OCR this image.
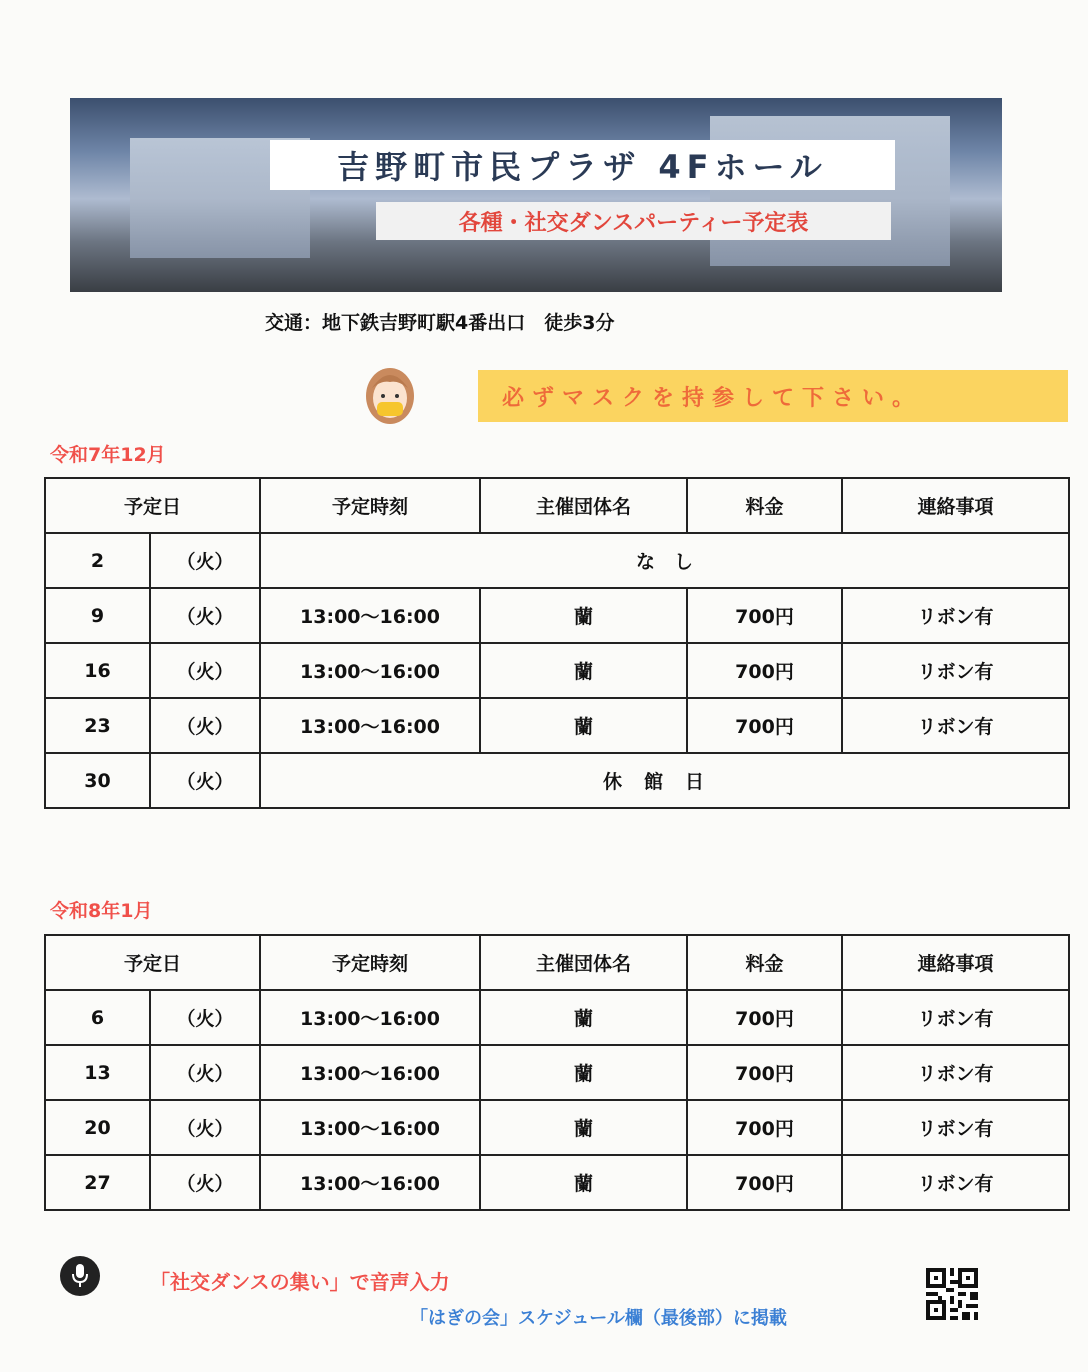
吉野町市民プラザ 4Fホール
各種・社交ダンスパーティー予定表
交通：地下鉄吉野町駅4番出口　徒歩3分
必ずマスクを持参して下さい。
令和7年12月
予定日		予定時刻	主催団体名	料金	連絡事項
2	（火）	な　し			
9	（火）	13:00～16:00	蘭	700円	リボン有
16	（火）	13:00～16:00	蘭	700円	リボン有
23	（火）	13:00～16:00	蘭	700円	リボン有
30	（火）	休館日			
令和8年1月
予定日		予定時刻	主催団体名	料金	連絡事項
6	（火）	13:00～16:00	蘭	700円	リボン有
13	（火）	13:00～16:00	蘭	700円	リボン有
20	（火）	13:00～16:00	蘭	700円	リボン有
27	（火）	13:00～16:00	蘭	700円	リボン有
「社交ダンスの集い」で音声入力
「はぎの会」スケジュール欄（最後部）に掲載
